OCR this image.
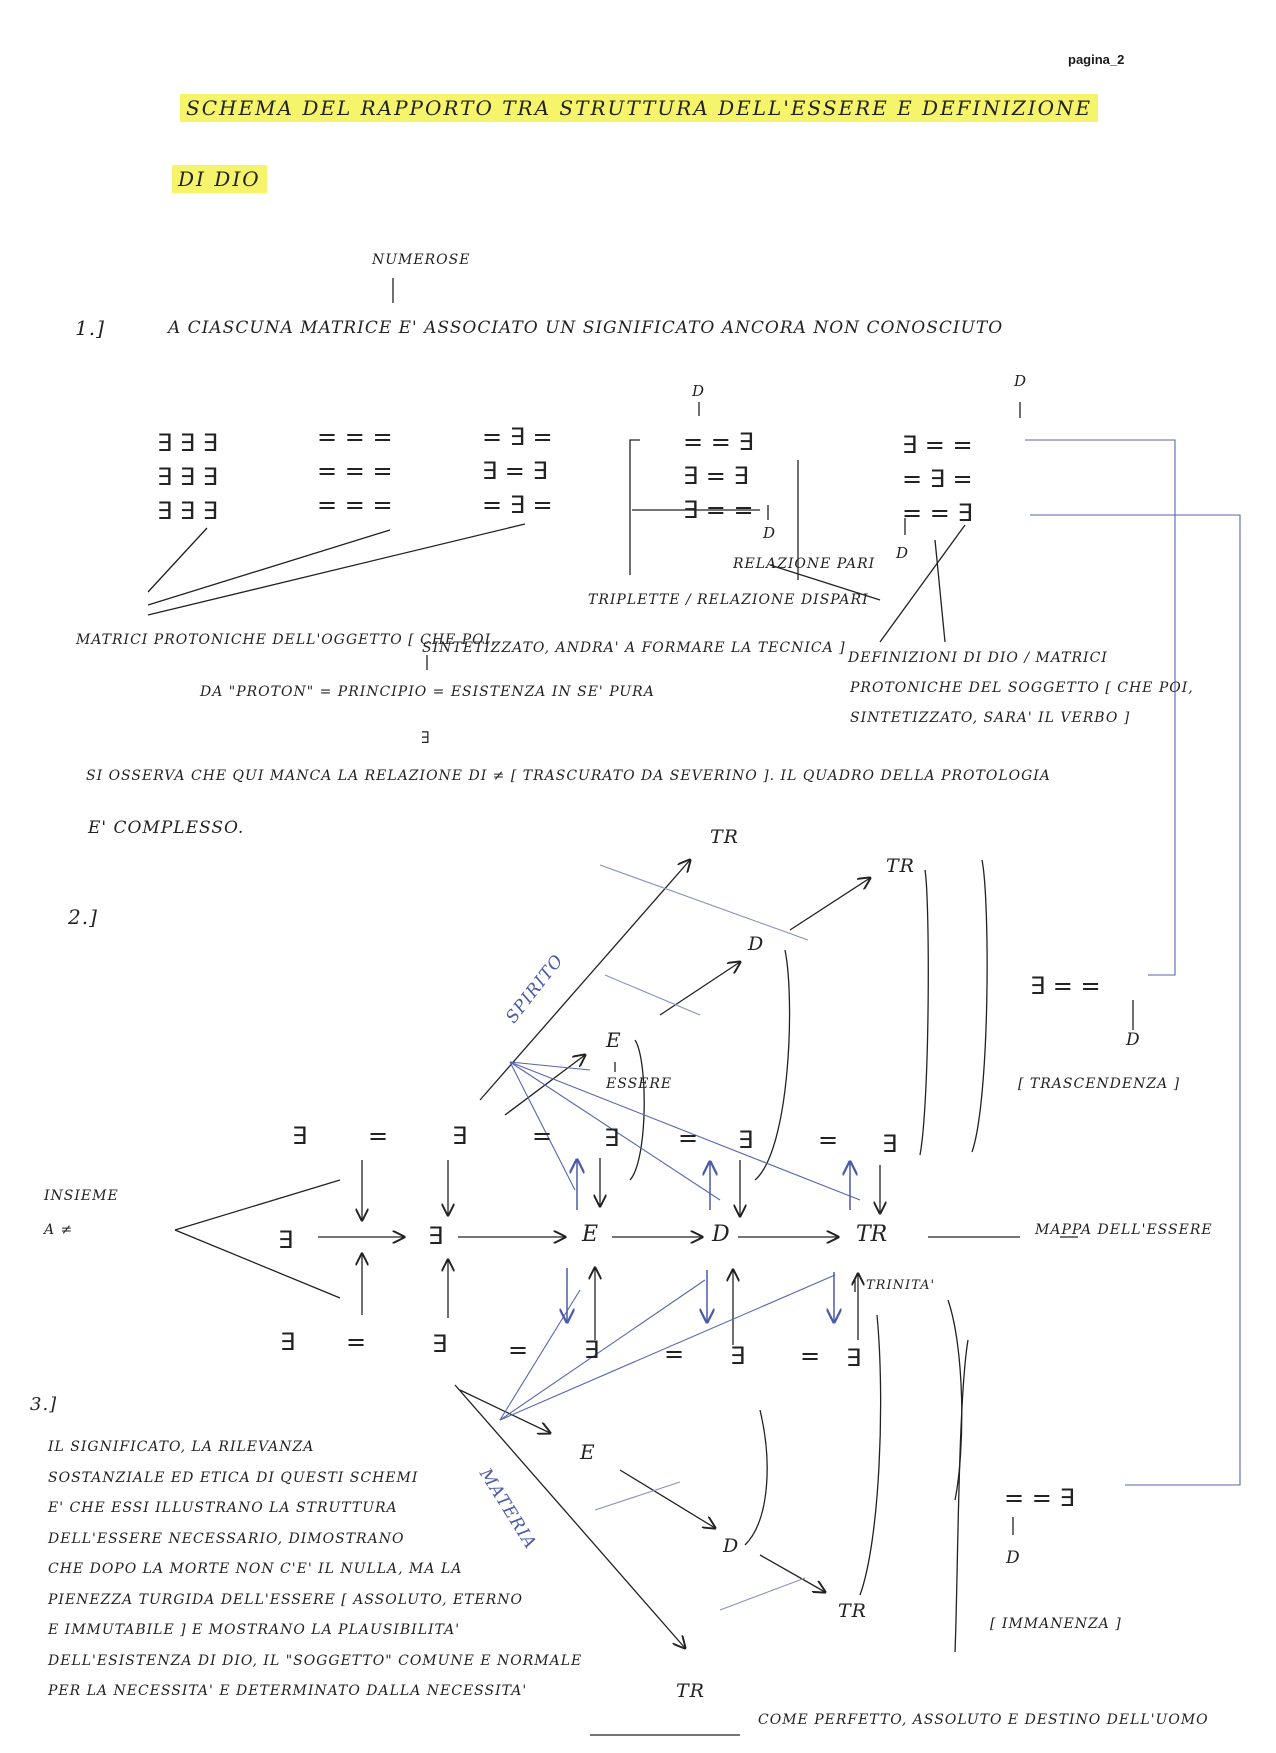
pagina_2
SCHEMA DEL RAPPORTO TRA STRUTTURA DELL'ESSERE E DEFINIZIONE
DI DIO
NUMEROSE
1.]	A CIASCUNA MATRICE E' ASSOCIATO UN SIGNIFICATO ANCORA NON CONOSCIUTO
∃ ∃ ∃
∃ ∃ ∃
∃ ∃ ∃
= = =
= = =
= = =
= ∃ =
∃ = ∃
= ∃ =
= = ∃
∃ = ∃
∃ = =
∃ = =
= ∃ =
= = ∃
D
D
D
D
RELAZIONE PARI
TRIPLETTE / RELAZIONE DISPARI
MATRICI PROTONICHE DELL'OGGETTO [ CHE POI,
SINTETIZZATO, ANDRA' A FORMARE LA TECNICA ]
DA "PROTON" = PRINCIPIO = ESISTENZA IN SE' PURA
∃
DEFINIZIONI DI DIO / MATRICI
PROTONICHE DEL SOGGETTO [ CHE POI,
SINTETIZZATO, SARA' IL VERBO ]
SI OSSERVA CHE QUI MANCA LA RELAZIONE DI ≠ [ TRASCURATO DA SEVERINO ]. IL QUADRO DELLA PROTOLOGIA
E' COMPLESSO.
2.]
TR
TR
TR
TR
D
D
E
E
ESSERE
SPIRITO
MATERIA
∃	=	∃	= ∃ = ∃	= ∃
∃	∃	E	D	TR
∃ =	∃	= ∃	= ∃ = ∃
INSIEME
A ≠	MAPPA DELL'ESSERE
TRINITA'
∃ = =
D
[ TRASCENDENZA ]
= = ∃
D
[ IMMANENZA ]
3.]
IL SIGNIFICATO, LA RILEVANZA
SOSTANZIALE ED ETICA DI QUESTI SCHEMI
E' CHE ESSI ILLUSTRANO LA STRUTTURA
DELL'ESSERE NECESSARIO, DIMOSTRANO
CHE DOPO LA MORTE NON C'E' IL NULLA, MA LA
PIENEZZA TURGIDA DELL'ESSERE [ ASSOLUTO, ETERNO
E IMMUTABILE ] E MOSTRANO LA PLAUSIBILITA'
DELL'ESISTENZA DI DIO, IL "SOGGETTO" COMUNE E NORMALE
PER LA NECESSITA' E DETERMINATO DALLA NECESSITA'
COME PERFETTO, ASSOLUTO E DESTINO DELL'UOMO
